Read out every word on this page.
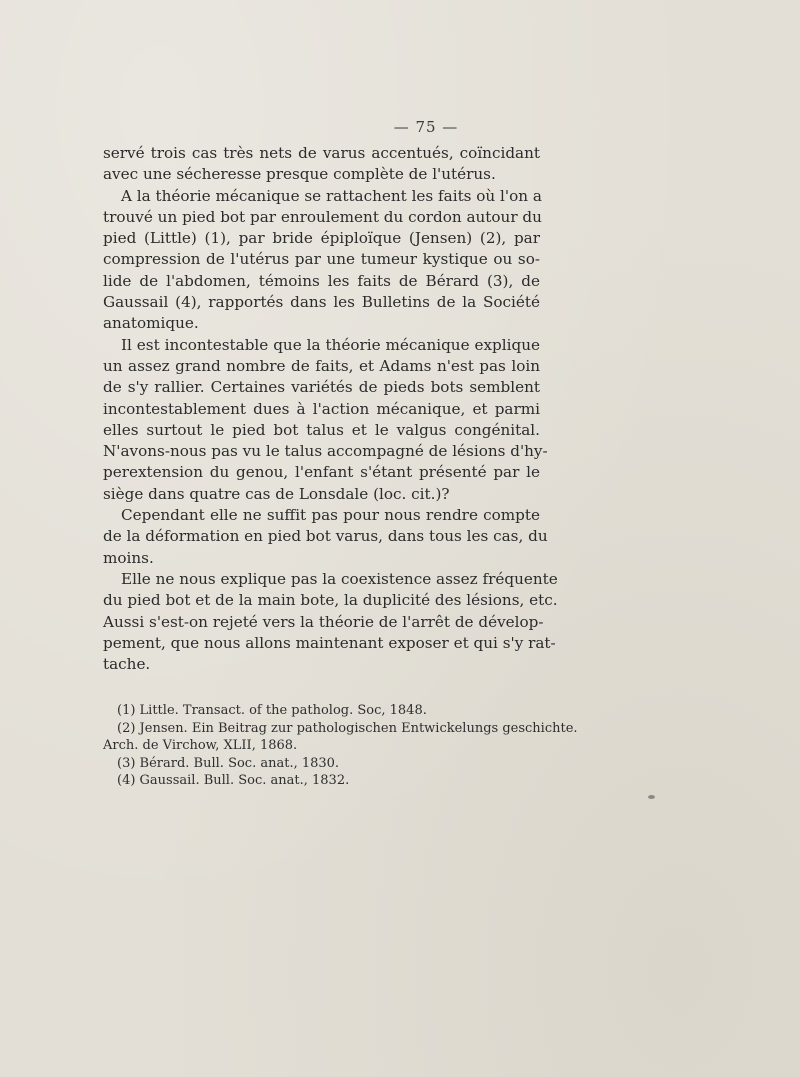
— 75 —
servé trois cas très nets de varus accentués, coïncidant
avec une sécheresse presque complète de l'utérus.
A la théorie mécanique se rattachent les faits où l'on a
trouvé un pied bot par enroulement du cordon autour du
pied (Little) (1), par bride épiploïque (Jensen) (2), par
compression de l'utérus par une tumeur kystique ou so-
lide de l'abdomen, témoins les faits de Bérard (3), de
Gaussail (4), rapportés dans les Bulletins de la Société
anatomique.
Il est incontestable que la théorie mécanique explique
un assez grand nombre de faits, et Adams n'est pas loin
de s'y rallier. Certaines variétés de pieds bots semblent
incontestablement dues à l'action mécanique, et parmi
elles surtout le pied bot talus et le valgus congénital.
N'avons-nous pas vu le talus accompagné de lésions d'hy-
perextension du genou, l'enfant s'étant présenté par le
siège dans quatre cas de Lonsdale (loc. cit.)?
Cependant elle ne suffit pas pour nous rendre compte
de la déformation en pied bot varus, dans tous les cas, du
moins.
Elle ne nous explique pas la coexistence assez fréquente
du pied bot et de la main bote, la duplicité des lésions, etc.
Aussi s'est-on rejeté vers la théorie de l'arrêt de dévelop-
pement, que nous allons maintenant exposer et qui s'y rat-
tache.
(1) Little. Transact. of the patholog. Soc, 1848.
(2) Jensen. Ein Beitrag zur pathologischen Entwickelungs geschichte.
Arch. de Virchow, XLII, 1868.
(3) Bérard. Bull. Soc. anat., 1830.
(4) Gaussail. Bull. Soc. anat., 1832.
